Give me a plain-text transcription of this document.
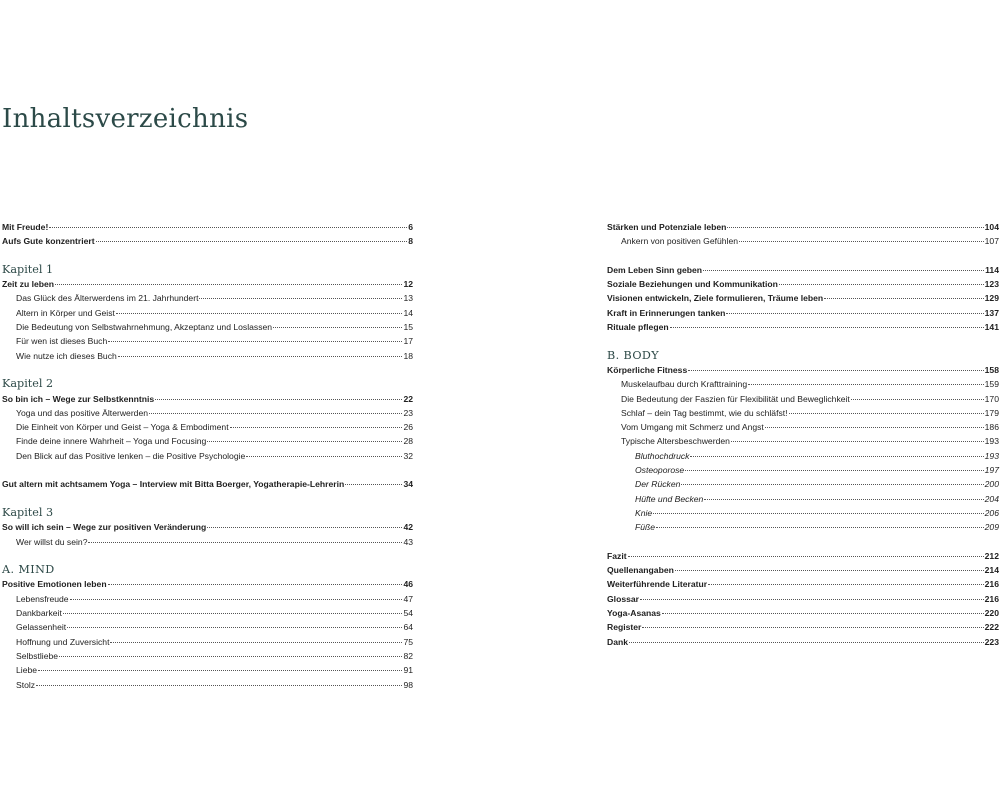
Inhaltsverzeichnis
Mit Freude!	6
Aufs Gute konzentriert	8
Kapitel 1
Zeit zu leben	12
Das Glück des Älterwerdens im 21. Jahrhundert	13
Altern in Körper und Geist	14
Die Bedeutung von Selbstwahrnehmung, Akzeptanz und Loslassen	15
Für wen ist dieses Buch	17
Wie nutze ich dieses Buch	18
Kapitel 2
So bin ich – Wege zur Selbstkenntnis	22
Yoga und das positive Älterwerden	23
Die Einheit von Körper und Geist – Yoga & Embodiment	26
Finde deine innere Wahrheit – Yoga und Focusing	28
Den Blick auf das Positive lenken – die Positive Psychologie	32
Gut altern mit achtsamem Yoga – Interview mit Bitta Boerger, Yogatherapie-Lehrerin	34
Kapitel 3
So will ich sein – Wege zur positiven Veränderung	42
Wer willst du sein?	43
A. MIND
Positive Emotionen leben	46
Lebensfreude	47
Dankbarkeit	54
Gelassenheit	64
Hoffnung und Zuversicht	75
Selbstliebe	82
Liebe	91
Stolz	98
Stärken und Potenziale leben	104
Ankern von positiven Gefühlen	107
Dem Leben Sinn geben	114
Soziale Beziehungen und Kommunikation	123
Visionen entwickeln, Ziele formulieren, Träume leben	129
Kraft in Erinnerungen tanken	137
Rituale pflegen	141
B. BODY
Körperliche Fitness	158
Muskelaufbau durch Krafttraining	159
Die Bedeutung der Faszien für Flexibilität und Beweglichkeit	170
Schlaf – dein Tag bestimmt, wie du schläfst!	179
Vom Umgang mit Schmerz und Angst	186
Typische Altersbeschwerden	193
Bluthochdruck	193
Osteoporose	197
Der Rücken	200
Hüfte und Becken	204
Knie	206
Füße	209
Fazit	212
Quellenangaben	214
Weiterführende Literatur	216
Glossar	216
Yoga-Asanas	220
Register	222
Dank	223
